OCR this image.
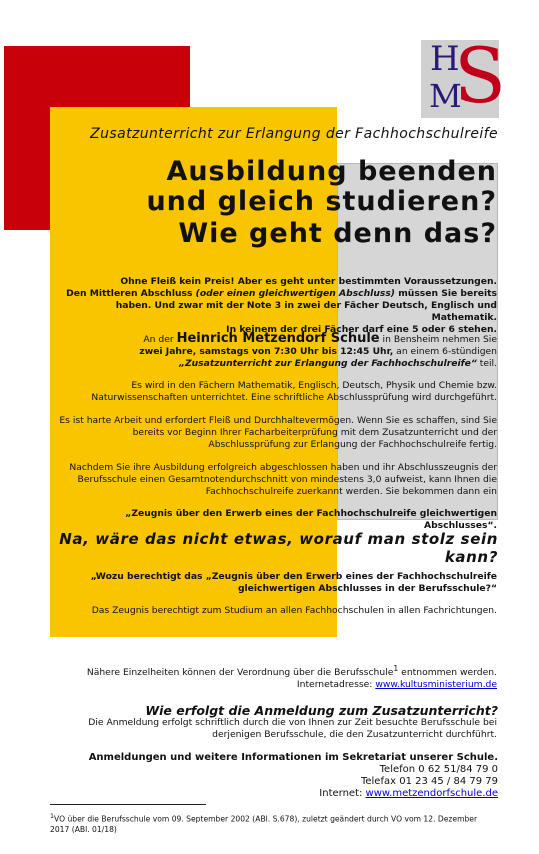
H
M
S
Zusatzunterricht zur Erlangung der Fachhochschulreife
Ausbildung beenden
und gleich studieren?
Wie geht denn das?
Ohne Fleiß kein Preis! Aber es geht unter bestimmten Voraussetzungen.
Den Mittleren Abschluss (oder einen gleichwertigen Abschluss) müssen Sie bereits haben. Und zwar mit der Note 3 in zwei der Fächer Deutsch, Englisch und Mathematik.
In keinem der drei Fächer darf eine 5 oder 6 stehen.
An der Heinrich Metzendorf Schule in Bensheim nehmen Sie
zwei Jahre, samstags von 7:30 Uhr bis 12:45 Uhr, an einem 6-stündigen
„Zusatzunterricht zur Erlangung der Fachhochschulreife“ teil.
Es wird in den Fächern Mathematik, Englisch, Deutsch, Physik und Chemie bzw. Naturwissenschaften unterrichtet. Eine schriftliche Abschlussprüfung wird durchgeführt.
Es ist harte Arbeit und erfordert Fleiß und Durchhaltevermögen. Wenn Sie es schaffen, sind Sie bereits vor Beginn Ihrer Facharbeiterprüfung mit dem Zusatzunterricht und der Abschlussprüfung zur Erlangung der Fachhochschulreife fertig.
Nachdem Sie ihre Ausbildung erfolgreich abgeschlossen haben und ihr Abschlusszeugnis der Berufsschule einen Gesamtnotendurchschnitt von mindestens 3,0 aufweist, kann Ihnen die Fachhochschulreife zuerkannt werden. Sie bekommen dann ein
„Zeugnis über den Erwerb eines der Fachhochschulreife gleichwertigen Abschlusses“.
Na, wäre das nicht etwas, worauf man stolz sein kann?
„Wozu berechtigt das „Zeugnis über den Erwerb eines der Fachhochschulreife gleichwertigen Abschlusses in der Berufsschule?“
Das Zeugnis berechtigt zum Studium an allen Fachhochschulen in allen Fachrichtungen.
Nähere Einzelheiten können der Verordnung über die Berufsschule$^1$ entnommen werden.
Internetadresse: www.kultusministerium.de
Wie erfolgt die Anmeldung zum Zusatzunterricht?
Die Anmeldung erfolgt schriftlich durch die von Ihnen zur Zeit besuchte Berufsschule bei derjenigen Berufsschule, die den Zusatzunterricht durchführt.
Anmeldungen und weitere Informationen im Sekretariat unserer Schule.
Telefon 0 62 51/84 79 0
Telefax 01 23 45 / 84 79 79
Internet: www.metzendorfschule.de
$^1$VO über die Berufsschule vom 09. September 2002 (ABl. S.678), zuletzt geändert durch VO vom 12. Dezember 2017 (ABl. 01/18)
